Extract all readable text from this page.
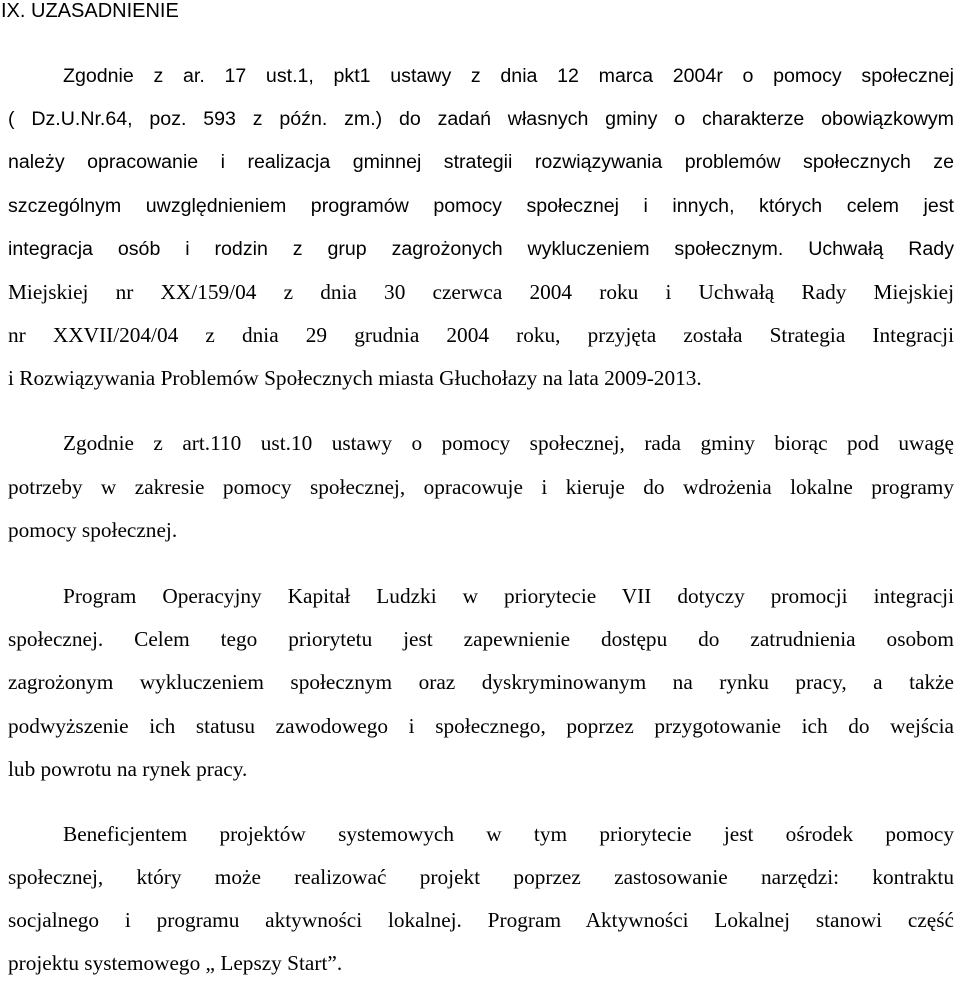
IX. UZASADNIENIE
Zgodnie z ar. 17 ust.1, pkt1 ustawy z dnia 12 marca 2004r o pomocy społecznej
( Dz.U.Nr.64, poz. 593 z późn. zm.) do zadań własnych gminy o charakterze obowiązkowym
należy opracowanie i realizacja gminnej strategii rozwiązywania problemów społecznych ze
szczególnym uwzględnieniem programów pomocy społecznej i innych, których celem jest
integracja osób i rodzin z grup zagrożonych wykluczeniem społecznym. Uchwałą Rady
Miejskiej nr XX/159/04 z dnia 30 czerwca 2004 roku i Uchwałą Rady Miejskiej
nr XXVII/204/04 z dnia 29 grudnia 2004 roku, przyjęta została Strategia Integracji
i Rozwiązywania Problemów Społecznych miasta Głuchołazy na lata 2009-2013.
Zgodnie z art.110 ust.10 ustawy o pomocy społecznej, rada gminy biorąc pod uwagę
potrzeby w zakresie pomocy społecznej, opracowuje i kieruje do wdrożenia lokalne programy
pomocy społecznej.
Program Operacyjny Kapitał Ludzki w priorytecie VII dotyczy promocji integracji
społecznej. Celem tego priorytetu jest zapewnienie dostępu do zatrudnienia osobom
zagrożonym wykluczeniem społecznym oraz dyskryminowanym na rynku pracy, a także
podwyższenie ich statusu zawodowego i społecznego, poprzez przygotowanie ich do wejścia
lub powrotu na rynek pracy.
Beneficjentem projektów systemowych w tym priorytecie jest ośrodek pomocy
społecznej, który może realizować projekt poprzez zastosowanie narzędzi: kontraktu
socjalnego i programu aktywności lokalnej. Program Aktywności Lokalnej stanowi część
projektu systemowego „ Lepszy Start”.
